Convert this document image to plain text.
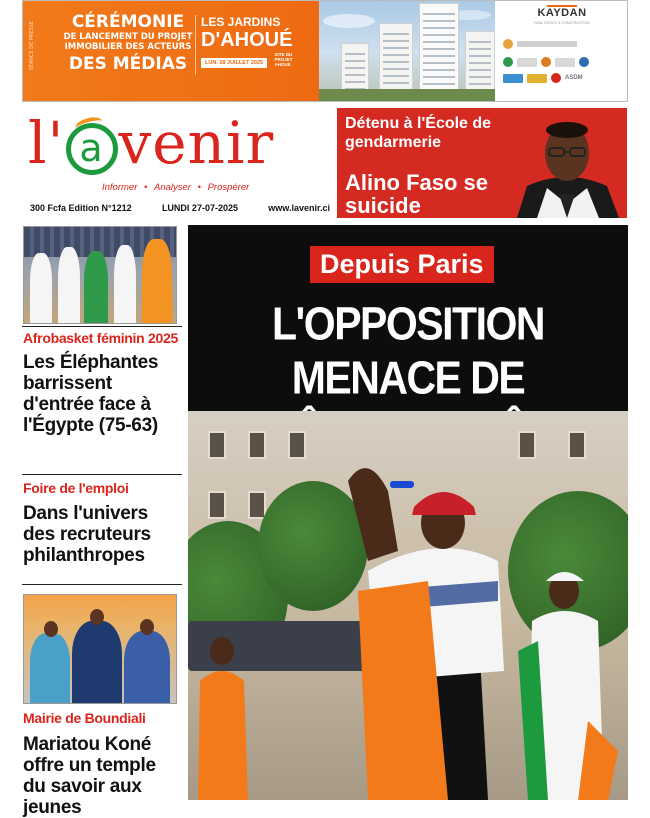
SÉANCE DE PRESSE	CÉRÉMONIE
DE LANCEMENT DU PROJET IMMOBILIER DES ACTEURS
DES MÉDIAS
LES JARDINS
D'AHOUÉ
LUN. 28 JUILLET 2025 SITE DU PROJET AHOUÉ
KAYDAN
REAL ESTATE & CONSTRUCTION
ASDM
l' a venir
Informer • Analyser • Prospérer
300 Fcfa Edition N°1212	LUNDI 27-07-2025	www.lavenir.ci
Détenu à l'École de gendarmerie
Alino Faso se suicide
Afrobasket féminin 2025
Les Éléphantes barrissent d'entrée face à l'Égypte (75-63)
Foire de l'emploi
Dans l'univers des recruteurs philanthropes
Mairie de Boundiali
Mariatou Koné offre un temple du savoir aux jeunes
Depuis Paris
L'OPPOSITION MENACE DE
